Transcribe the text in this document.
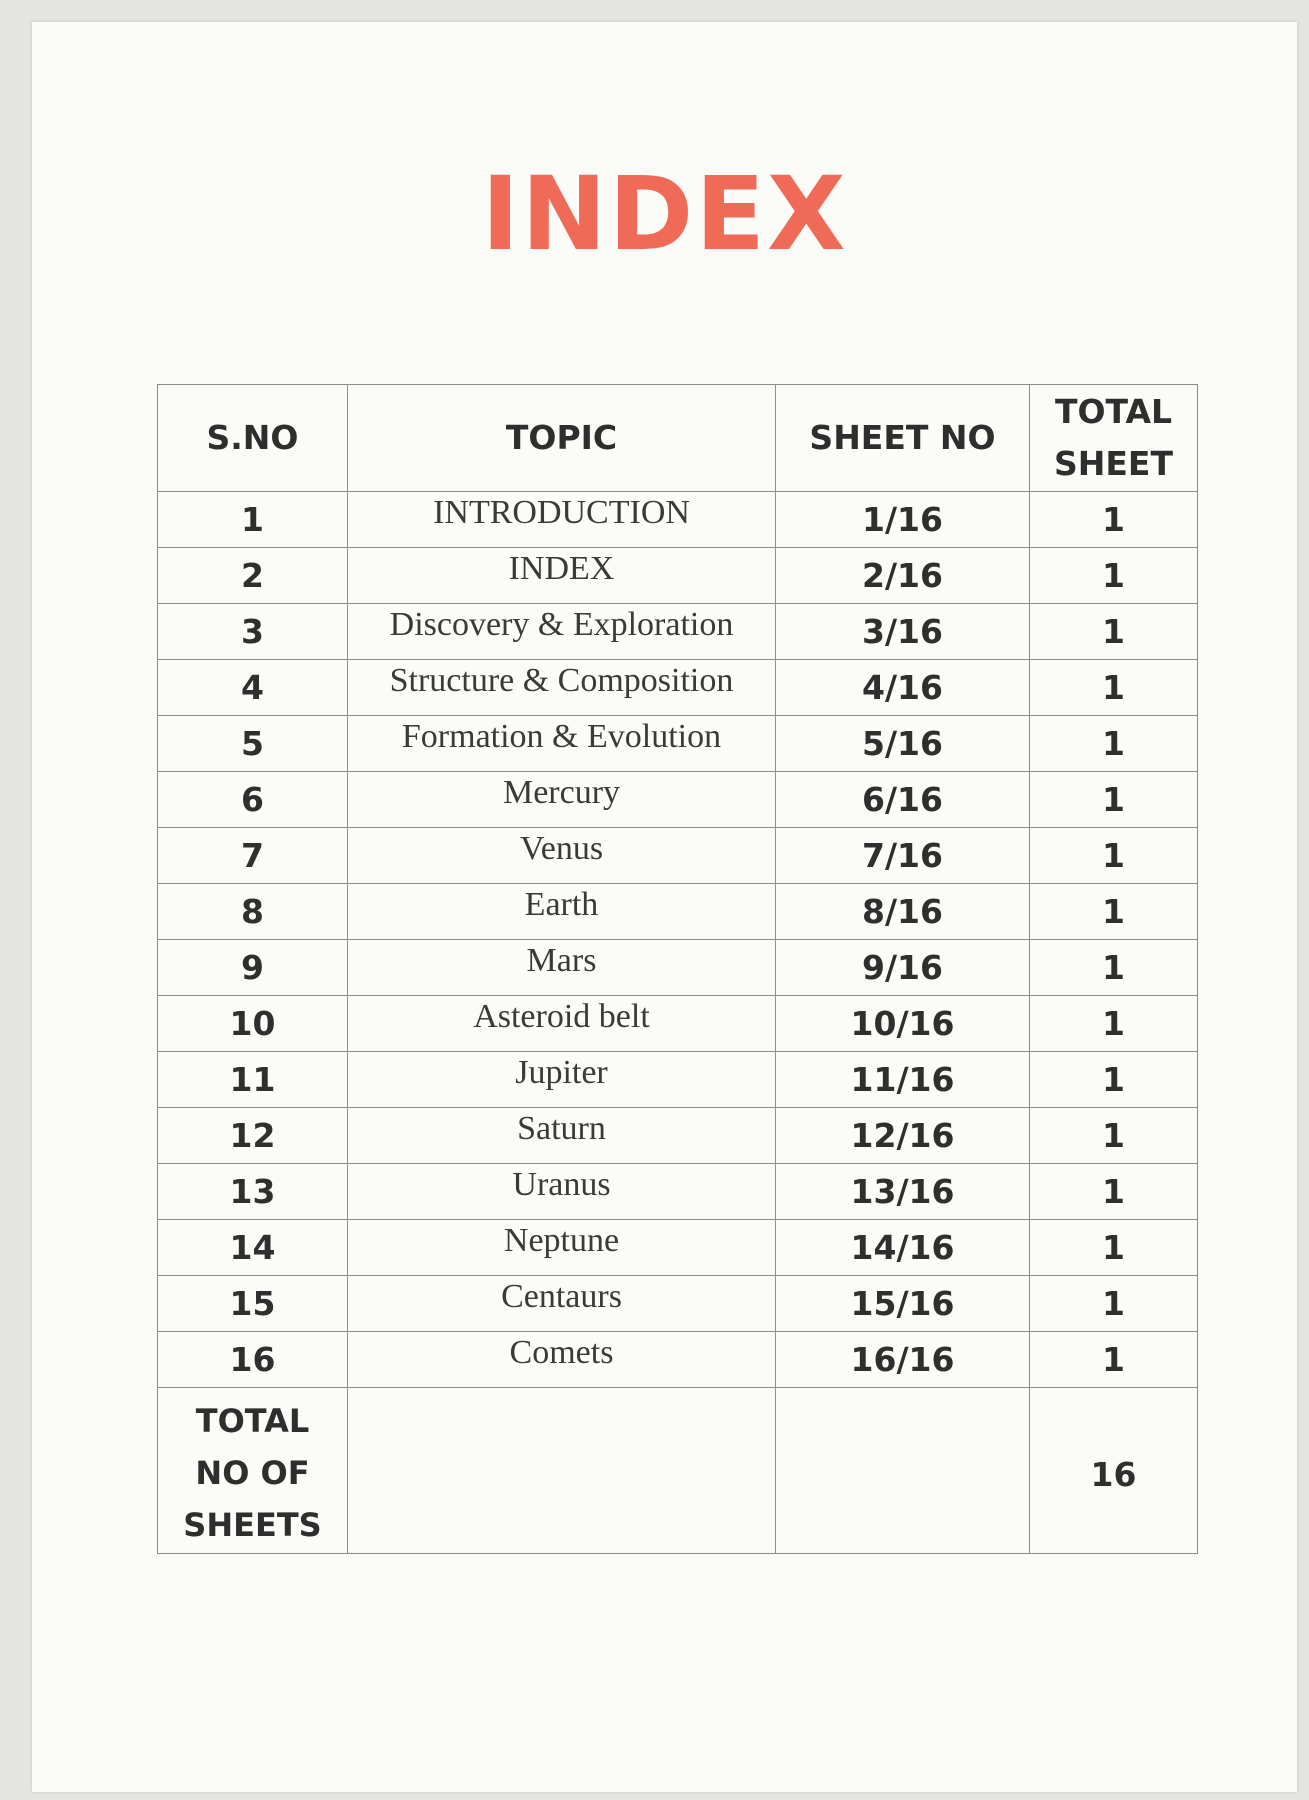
INDEX
S.NO	TOPIC	SHEET NO	TOTAL
SHEET
1	INTRODUCTION	1/16	1
2	INDEX	2/16	1
3	Discovery & Exploration	3/16	1
4	Structure & Composition	4/16	1
5	Formation & Evolution	5/16	1
6	Mercury	6/16	1
7	Venus	7/16	1
8	Earth	8/16	1
9	Mars	9/16	1
10	Asteroid belt	10/16	1
11	Jupiter	11/16	1
12	Saturn	12/16	1
13	Uranus	13/16	1
14	Neptune	14/16	1
15	Centaurs	15/16	1
16	Comets	16/16	1
TOTAL
NO OF
SHEETS			16
